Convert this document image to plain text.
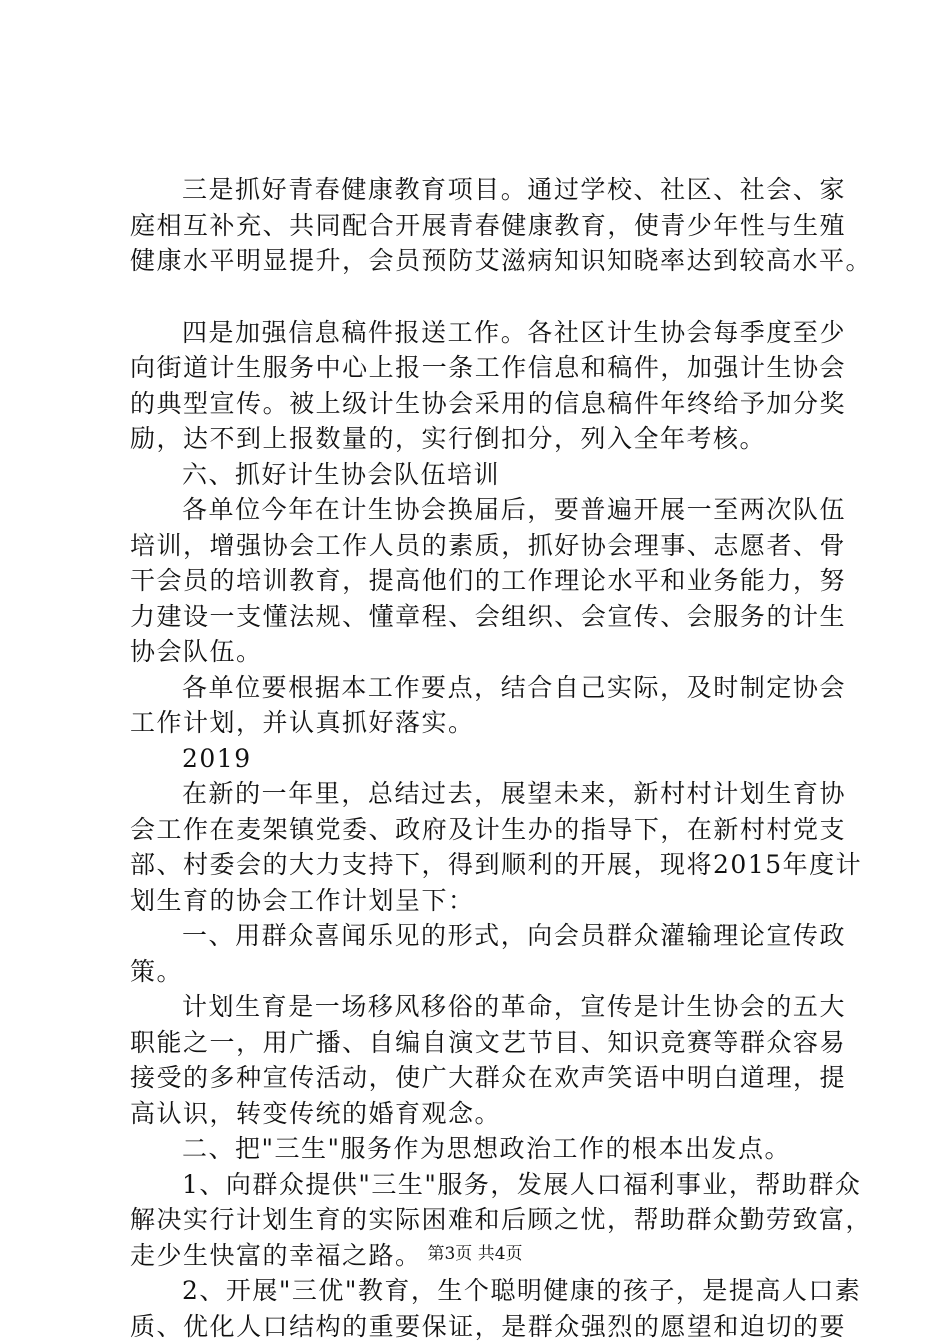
三是抓好青春健康教育项目。通过学校、社区、社会、家
庭相互补充、共同配合开展青春健康教育，使青少年性与生殖
健康水平明显提升，会员预防艾滋病知识知晓率达到较高水平。
四是加强信息稿件报送工作。各社区计生协会每季度至少
向街道计生服务中心上报一条工作信息和稿件，加强计生协会
的典型宣传。被上级计生协会采用的信息稿件年终给予加分奖
励，达不到上报数量的，实行倒扣分，列入全年考核。
六、抓好计生协会队伍培训
各单位今年在计生协会换届后，要普遍开展一至两次队伍
培训，增强协会工作人员的素质，抓好协会理事、志愿者、骨
干会员的培训教育，提高他们的工作理论水平和业务能力，努
力建设一支懂法规、懂章程、会组织、会宣传、会服务的计生
协会队伍。
各单位要根据本工作要点，结合自己实际，及时制定协会
工作计划，并认真抓好落实。
2019
在新的一年里，总结过去，展望未来，新村村计划生育协
会工作在麦架镇党委、政府及计生办的指导下，在新村村党支
部、村委会的大力支持下，得到顺利的开展，现将2015年度计
划生育的协会工作计划呈下：
一、用群众喜闻乐见的形式，向会员群众灌输理论宣传政
策。
计划生育是一场移风移俗的革命，宣传是计生协会的五大
职能之一，用广播、自编自演文艺节目、知识竞赛等群众容易
接受的多种宣传活动，使广大群众在欢声笑语中明白道理，提
高认识，转变传统的婚育观念。
二、把"三生"服务作为思想政治工作的根本出发点。
1、向群众提供"三生"服务，发展人口福利事业，帮助群众
解决实行计划生育的实际困难和后顾之忧，帮助群众勤劳致富，
走少生快富的幸福之路。
2、开展"三优"教育，生个聪明健康的孩子，是提高人口素
质、优化人口结构的重要保证，是群众强烈的愿望和迫切的要
第3页 共4页
